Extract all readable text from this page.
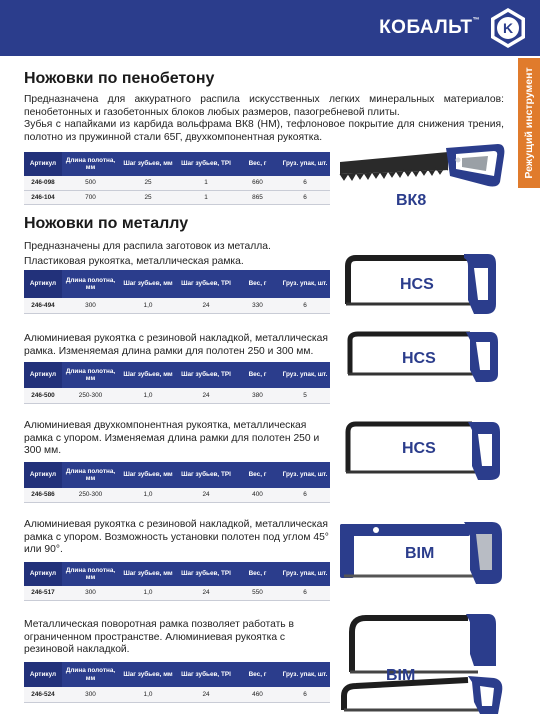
КОБАЛЬТ™ K
Режущий инструмент
Ножовки по пенобетону

Предназначена для аккуратного распила искусственных легких минеральных материалов: пенобетонных и газобетонных блоков любых размеров, пазогребневой плиты.

Зубья с напайками из карбида вольфрама ВК8 (НМ), тефлоновое покрытие для снижения трения, полотно из пружинной стали 65Г, двухкомпонентная рукоятка.

Артикул	Длина полотна, мм	Шаг зубьев, мм	Шаг зубьев, TPI	Вес, г	Груз. упак, шт.
246-098	500	25	1	660	6
246-104	700	25	1	865	6	ВК8
Ножовки по металлу

Предназначены для распила заготовок из металла.

Пластиковая рукоятка, металлическая рамка.

Артикул	Длина полотна, мм	Шаг зубьев, мм	Шаг зубьев, TPI	Вес, г	Груз. упак, шт.
246-494	300	1,0	24	330	6
HCS

Алюминиевая рукоятка с резиновой накладкой, металлическая рамка. Изменяемая длина рамки для полотен 250 и 300 мм.

Артикул	Длина полотна, мм	Шаг зубьев, мм	Шаг зубьев, TPI	Вес, г	Груз. упак, шт.
246-500	250-300	1,0	24	380	5
HCS

Алюминиевая двухкомпонентная рукоятка, металлическая рамка с упором. Изменяемая длина рамки для полотен 250 и 300 мм.

Артикул	Длина полотна, мм	Шаг зубьев, мм	Шаг зубьев, TPI	Вес, г	Груз. упак, шт.
246-586	250-300	1,0	24	400	6
HCS

Алюминиевая рукоятка с резиновой накладкой, металлическая рамка с упором. Возможность установки полотен под углом 45° или 90°.

Артикул	Длина полотна, мм	Шаг зубьев, мм	Шаг зубьев, TPI	Вес, г	Груз. упак, шт.
246-517	300	1,0	24	550	6
BIM

Металлическая поворотная рамка позволяет работать в ограниченном пространстве. Алюминиевая рукоятка с резиновой накладкой.

Артикул	Длина полотна, мм	Шаг зубьев, мм	Шаг зубьев, TPI	Вес, г	Груз. упак, шт.
246-524	300	1,0	24	460	6
BIM
